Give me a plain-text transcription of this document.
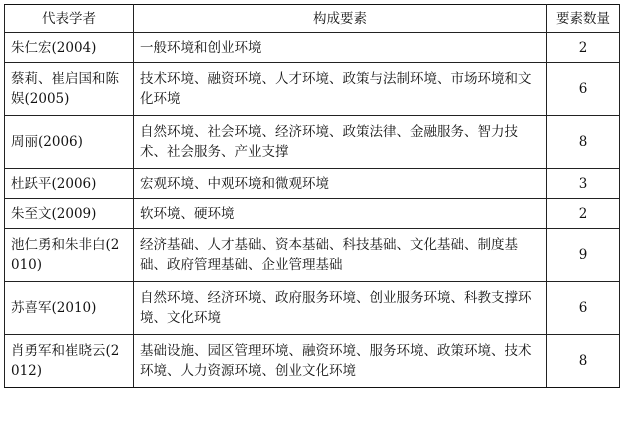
代表学者	构成要素	要素数量
朱仁宏(2004)	一般环境和创业环境	2
蔡莉、崔启国和陈娱(2005)	技术环境、融资环境、人才环境、政策与法制环境、市场环境和文化环境	6
周丽(2006)	自然环境、社会环境、经济环境、政策法律、金融服务、智力技术、社会服务、产业支撑	8
杜跃平(2006)	宏观环境、中观环境和微观环境	3
朱至文(2009)	软环境、硬环境	2
池仁勇和朱非白(2010)	经济基础、人才基础、资本基础、科技基础、文化基础、制度基础、政府管理基础、企业管理基础	9
苏喜军(2010)	自然环境、经济环境、政府服务环境、创业服务环境、科教支撑环境、文化环境	6
肖勇军和崔晓云(2012)	基础设施、园区管理环境、融资环境、服务环境、政策环境、技术环境、人力资源环境、创业文化环境	8
